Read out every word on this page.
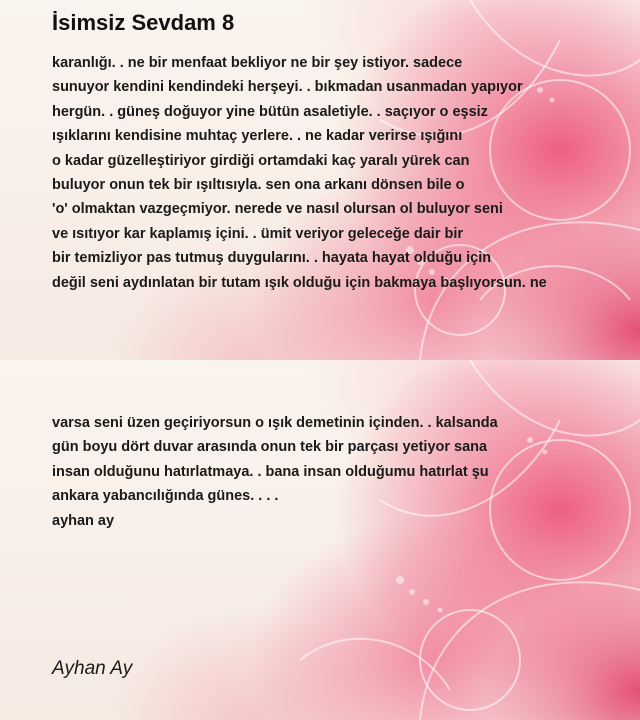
İsimsiz Sevdam 8

karanlığı. . ne bir menfaat bekliyor ne bir şey istiyor. sadece
sunuyor kendini kendindeki herşeyi. . bıkmadan usanmadan yapıyor
hergün. . güneş doğuyor yine bütün asaletiyle. . saçıyor o eşsiz
ışıklarını kendisine muhtaç yerlere. . ne kadar verirse ışığını
o kadar güzelleştiriyor girdiği ortamdaki kaç yaralı yürek can
buluyor onun tek bir ışıltısıyla. sen ona arkanı dönsen bile o
'o' olmaktan vazgeçmiyor. nerede ve nasıl olursan ol buluyor seni
ve ısıtıyor kar kaplamış içini. . ümit veriyor geleceğe dair bir
bir temizliyor pas tutmuş duygularını. . hayata hayat olduğu için
değil seni aydınlatan bir tutam ışık olduğu için bakmaya başlıyorsun. ne

varsa seni üzen geçiriyorsun o ışık demetinin içinden. . kalsanda
gün boyu dört duvar arasında onun tek bir parçası yetiyor sana
insan olduğunu hatırlatmaya. . bana insan olduğumu hatırlat şu
ankara yabancılığında günes. . . .
ayhan ay

Ayhan Ay
